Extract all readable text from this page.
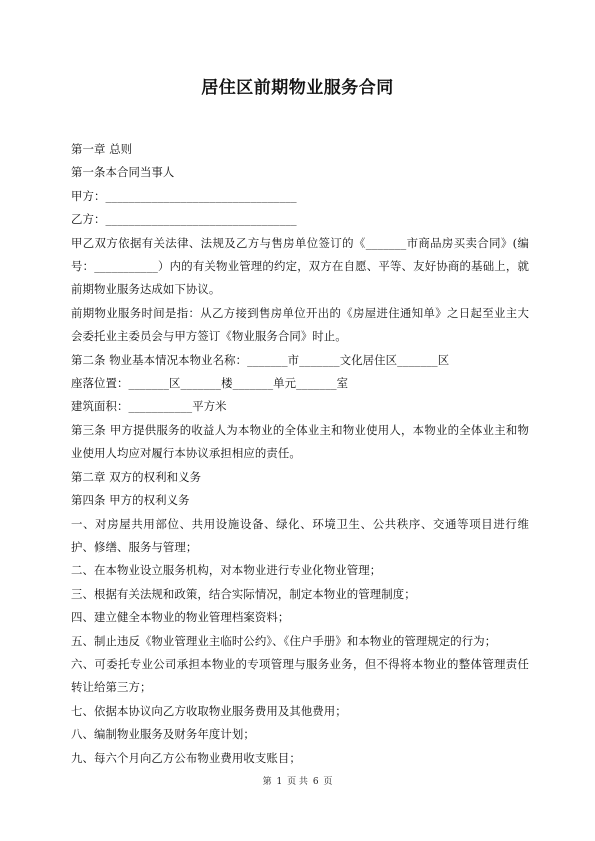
居住区前期物业服务合同

第一章 总则

第一条本合同当事人

甲方：_________________________________

乙方：_________________________________

甲乙双方依据有关法律、法规及乙方与售房单位签订的《_______市商品房买卖合同》(编号：___________）内的有关物业管理的约定，双方在自愿、平等、友好协商的基础上，就前期物业服务达成如下协议。

前期物业服务时间是指：从乙方接到售房单位开出的《房屋进住通知单》之日起至业主大会委托业主委员会与甲方签订《物业服务合同》时止。

第二条 物业基本情况本物业名称：_______市_______文化居住区_______区

座落位置：_______区_______楼_______单元_______室

建筑面积：___________平方米

第三条 甲方提供服务的收益人为本物业的全体业主和物业使用人，本物业的全体业主和物业使用人均应对履行本协议承担相应的责任。

第二章 双方的权利和义务

第四条 甲方的权利义务

一、对房屋共用部位、共用设施设备、绿化、环境卫生、公共秩序、交通等项目进行维护、修缮、服务与管理；

二、在本物业设立服务机构，对本物业进行专业化物业管理；

三、根据有关法规和政策，结合实际情况，制定本物业的管理制度；

四、建立健全本物业的物业管理档案资料；

五、制止违反《物业管理业主临时公约》、《住户手册》和本物业的管理规定的行为；

六、可委托专业公司承担本物业的专项管理与服务业务，但不得将本物业的整体管理责任转让给第三方；

七、依据本协议向乙方收取物业服务费用及其他费用；

八、编制物业服务及财务年度计划；

九、每六个月向乙方公布物业费用收支账目；

第 1 页 共 6 页
